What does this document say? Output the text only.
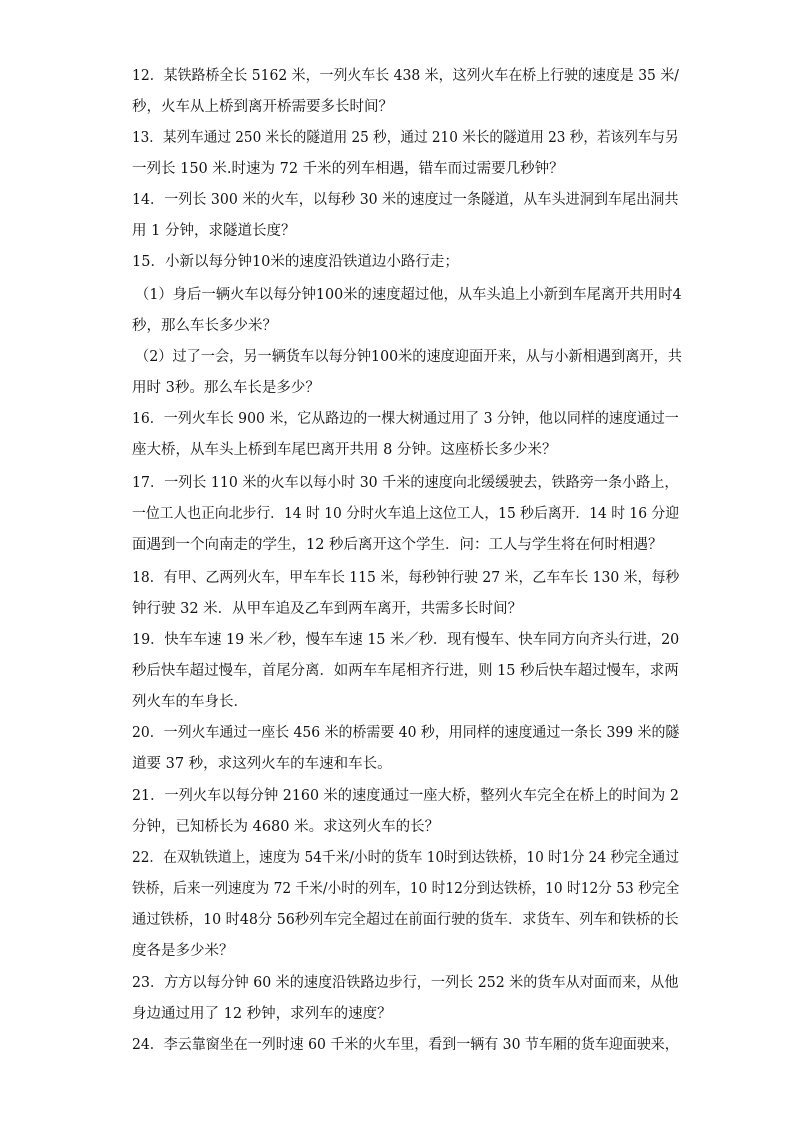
12．某铁路桥全长 5162 米，一列火车长 438 米，这列火车在桥上行驶的速度是 35 米/
秒，火车从上桥到离开桥需要多长时间？
13．某列车通过 250 米长的隧道用 25 秒，通过 210 米长的隧道用 23 秒，若该列车与另
一列长 150 米.时速为 72 千米的列车相遇，错车而过需要几秒钟？
14．一列长 300 米的火车，以每秒 30 米的速度过一条隧道，从车头进洞到车尾出洞共
用 1 分钟，求隧道长度？
15．小新以每分钟10米的速度沿铁道边小路行走；
（1）身后一辆火车以每分钟100米的速度超过他，从车头追上小新到车尾离开共用时4
秒，那么车长多少米？
（2）过了一会，另一辆货车以每分钟100米的速度迎面开来，从与小新相遇到离开，共
用时 3秒。那么车长是多少？
16．一列火车长 900 米，它从路边的一棵大树通过用了 3 分钟，他以同样的速度通过一
座大桥，从车头上桥到车尾巴离开共用 8 分钟。这座桥长多少米？
17．一列长 110 米的火车以每小时 30 千米的速度向北缓缓驶去，铁路旁一条小路上，
一位工人也正向北步行．14 时 10 分时火车追上这位工人，15 秒后离开．14 时 16 分迎
面遇到一个向南走的学生，12 秒后离开这个学生．问：工人与学生将在何时相遇？
18．有甲、乙两列火车，甲车车长 115 米，每秒钟行驶 27 米，乙车车长 130 米，每秒
钟行驶 32 米．从甲车追及乙车到两车离开，共需多长时间？
19．快车车速 19 米／秒，慢车车速 15 米／秒．现有慢车、快车同方向齐头行进，20
秒后快车超过慢车，首尾分离．如两车车尾相齐行进，则 15 秒后快车超过慢车，求两
列火车的车身长．
20．一列火车通过一座长 456 米的桥需要 40 秒，用同样的速度通过一条长 399 米的隧
道要 37 秒，求这列火车的车速和车长。
21．一列火车以每分钟 2160 米的速度通过一座大桥，整列火车完全在桥上的时间为 2
分钟，已知桥长为 4680 米。求这列火车的长？
22．在双轨铁道上，速度为 54千米/小时的货车 10时到达铁桥，10 时1分 24 秒完全通过
铁桥，后来一列速度为 72 千米/小时的列车，10 时12分到达铁桥，10 时12分 53 秒完全
通过铁桥，10 时48分 56秒列车完全超过在前面行驶的货车．求货车、列车和铁桥的长
度各是多少米？
23．方方以每分钟 60 米的速度沿铁路边步行，一列长 252 米的货车从对面而来，从他
身边通过用了 12 秒钟，求列车的速度？
24．李云靠窗坐在一列时速 60 千米的火车里，看到一辆有 30 节车厢的货车迎面驶来，
